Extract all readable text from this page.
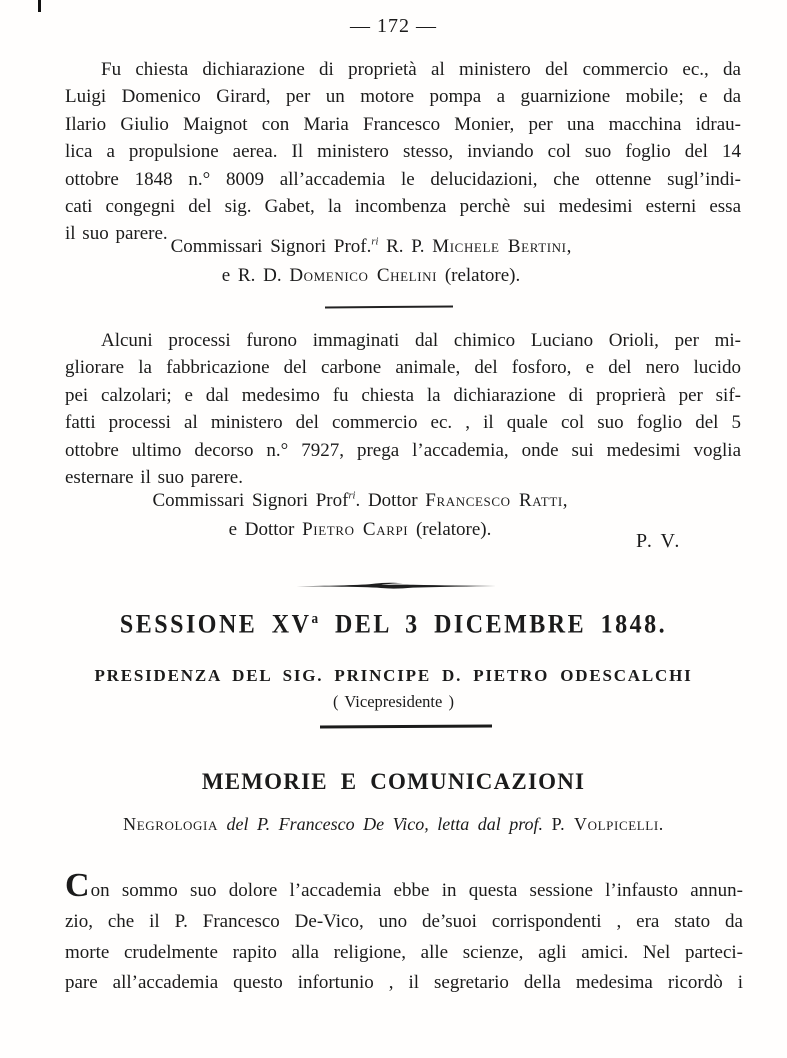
— 172 —
Fu chiesta dichiarazione di proprietà al ministero del commercio ec., da
Luigi Domenico Girard, per un motore pompa a guarnizione mobile; e da
Ilario Giulio Maignot con Maria Francesco Monier, per una macchina idrau-
lica a propulsione aerea. Il ministero stesso, inviando col suo foglio del 14
ottobre 1848 n.° 8009 all’accademia le delucidazioni, che ottenne sugl’indi-
cati congegni del sig. Gabet, la incombenza perchè sui medesimi esterni essa
il suo parere.
Commissari Signori Prof.$^{ri}$ R. P. Michele Bertini,
e R. D. Domenico Chelini (relatore).
Alcuni processi furono immaginati dal chimico Luciano Orioli, per mi-
gliorare la fabbricazione del carbone animale, del fosforo, e del nero lucido
pei calzolari; e dal medesimo fu chiesta la dichiarazione di proprierà per sif-
fatti processi al ministero del commercio ec. , il quale col suo foglio del 5
ottobre ultimo decorso n.° 7927, prega l’accademia, onde sui medesimi voglia
esternare il suo parere.
Commissari Signori Prof$^{ri}$. Dottor Francesco Ratti,
e Dottor Pietro Carpi (relatore).
P. V.
SESSIONE $XV^a$ DEL 3 DICEMBRE 1848.
PRESIDENZA DEL SIG. PRINCIPE D. PIETRO ODESCALCHI
( Vicepresidente )
MEMORIE E COMUNICAZIONI
Negrologia del P. Francesco De Vico, letta dal prof. P. Volpicelli.
Con sommo suo dolore l’accademia ebbe in questa sessione l’infausto annun-
zio, che il P. Francesco De-Vico, uno de’suoi corrispondenti , era stato da
morte crudelmente rapito alla religione, alle scienze, agli amici. Nel parteci-
pare all’accademia questo infortunio , il segretario della medesima ricordò i
